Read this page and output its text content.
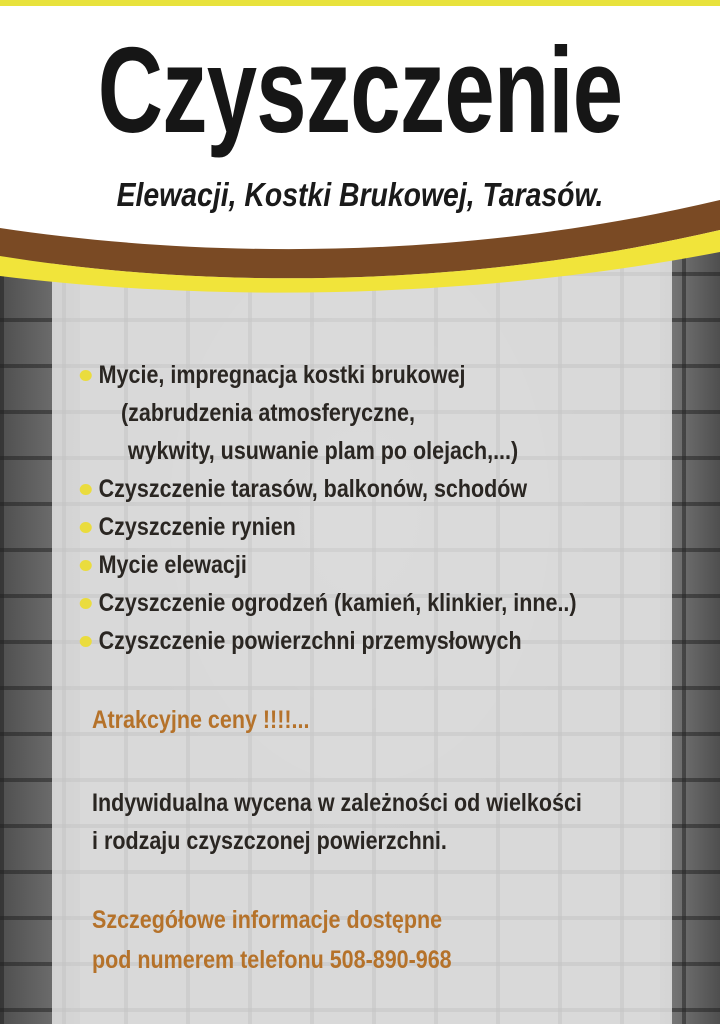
Czyszczenie
Elewacji, Kostki Brukowej, Tarasów.
Mycie, impregnacja kostki brukowej
(zabrudzenia atmosferyczne,
wykwity, usuwanie plam po olejach,...)
Czyszczenie tarasów, balkonów, schodów
Czyszczenie rynien
Mycie elewacji
Czyszczenie ogrodzeń (kamień, klinkier, inne..)
Czyszczenie powierzchni przemysłowych
Atrakcyjne ceny !!!!...
Indywidualna wycena w zależności od wielkości
i rodzaju czyszczonej powierzchni.
Szczegółowe informacje dostępne
pod numerem telefonu 508-890-968
